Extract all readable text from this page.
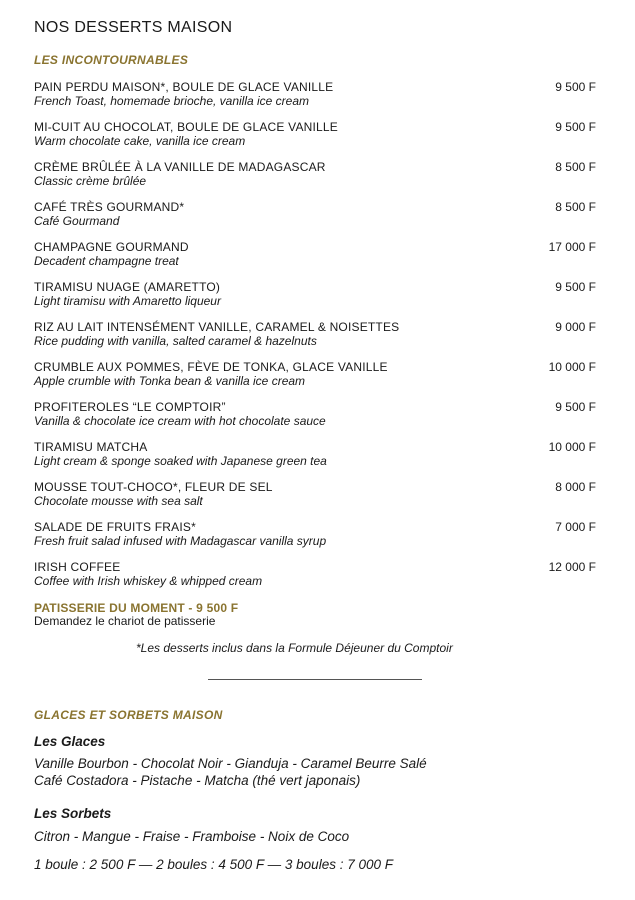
NOS DESSERTS MAISON
LES INCONTOURNABLES
PAIN PERDU MAISON*, BOULE DE GLACE VANILLE
French Toast, homemade brioche, vanilla ice cream
9 500 F
MI-CUIT AU CHOCOLAT, BOULE DE GLACE VANILLE
Warm chocolate cake, vanilla ice cream
9 500 F
CRÈME BRÛLÉE À LA VANILLE DE MADAGASCAR
Classic crème brûlée
8 500 F
CAFÉ TRÈS GOURMAND*
Café Gourmand
8 500 F
CHAMPAGNE GOURMAND
Decadent champagne treat
17 000 F
TIRAMISU NUAGE (AMARETTO)
Light tiramisu with Amaretto liqueur
9 500 F
RIZ AU LAIT INTENSÉMENT VANILLE, CARAMEL & NOISETTES
Rice pudding with vanilla, salted caramel & hazelnuts
9 000 F
CRUMBLE AUX POMMES, FÈVE DE TONKA, GLACE VANILLE
Apple crumble with Tonka bean & vanilla ice cream
10 000 F
PROFITEROLES “LE COMPTOIR”
Vanilla & chocolate ice cream with hot chocolate sauce
9 500 F
TIRAMISU MATCHA
Light cream & sponge soaked with Japanese green tea
10 000 F
MOUSSE TOUT-CHOCO*, FLEUR DE SEL
Chocolate mousse with sea salt
8 000 F
SALADE DE FRUITS FRAIS*
Fresh fruit salad infused with Madagascar vanilla syrup
7 000 F
IRISH COFFEE
Coffee with Irish whiskey & whipped cream
12 000 F
PATISSERIE DU MOMENT - 9 500 F
Demandez le chariot de patisserie
*Les desserts inclus dans la Formule Déjeuner du Comptoir
GLACES ET SORBETS MAISON
Les Glaces
Vanille Bourbon - Chocolat Noir - Gianduja - Caramel Beurre Salé
Café Costadora - Pistache - Matcha (thé vert japonais)
Les Sorbets
Citron - Mangue - Fraise - Framboise - Noix de Coco
1 boule : 2 500 F — 2 boules : 4 500 F — 3 boules : 7 000 F
